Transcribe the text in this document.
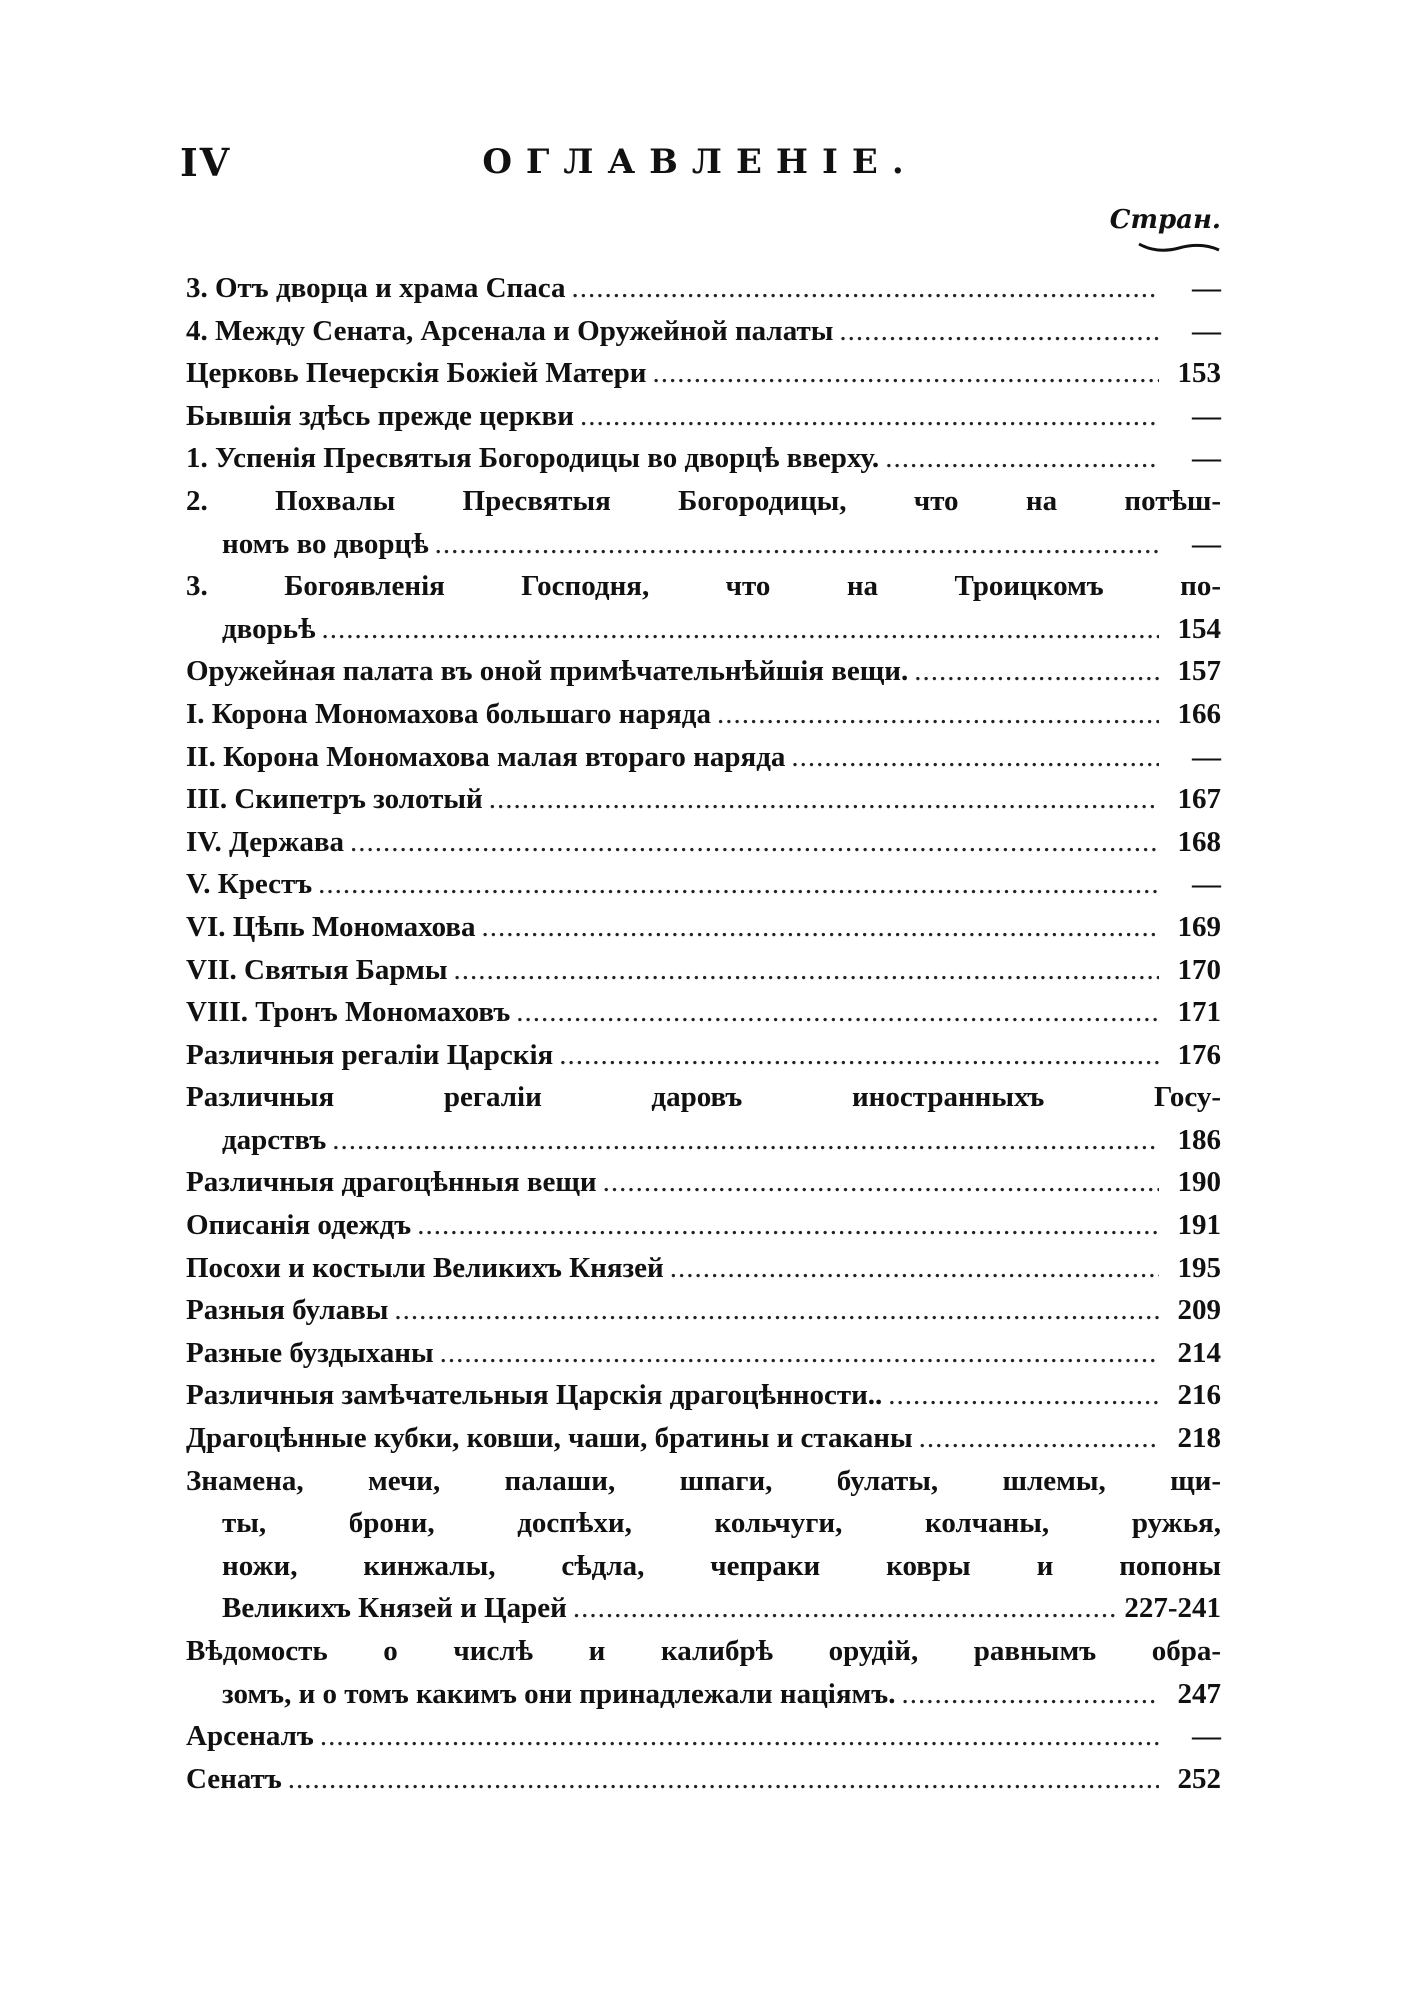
IV	ОГЛАВЛЕНІЕ.
Стран.
3. Отъ дворца и храма Спаса .....	—
4. Между Сената, Арсенала и Оружейной палаты .....	—
Церковь Печерскія Божіей Матери .....	153
Бывшія здѣсь прежде церкви .....	—
1. Успенія Пресвятыя Богородицы во дворцѣ вверху. .....	—
2. Похвалы Пресвятыя Богородицы, что на потѣш-
номъ во дворцѣ .....	—
3. Богоявленія Господня, что на Троицкомъ по-
дворьѣ .....	154
Оружейная палата въ оной примѣчательнѣйшія вещи. .....	157
I. Корона Мономахова большаго наряда .....	166
II. Корона Мономахова малая втораго наряда .....	—
III. Скипетръ золотый .....	167
IV. Держава .....	168
V. Крестъ .....	—
VI. Цѣпь Мономахова .....	169
VII. Святыя Бармы .....	170
VIII. Тронъ Мономаховъ .....	171
Различныя регаліи Царскія .....	176
Различныя регаліи даровъ иностранныхъ Госу-
дарствъ .....	186
Различныя драгоцѣнныя вещи .....	190
Описанія одеждъ .....	191
Посохи и костыли Великихъ Князей .....	195
Разныя булавы .....	209
Разные буздыханы .....	214
Различныя замѣчательныя Царскія драгоцѣнности.. .....	216
Драгоцѣнные кубки, ковши, чаши, братины и стаканы .....	218
Знамена, мечи, палаши, шпаги, булаты, шлемы, щи-
ты, брони, доспѣхи, кольчуги, колчаны, ружья,
ножи, кинжалы, сѣдла, чепраки ковры и попоны
Великихъ Князей и Царей .....	227-241
Вѣдомость о числѣ и калибрѣ орудій, равнымъ обра-
зомъ, и о томъ какимъ они принадлежали націямъ. .....	247
Арсеналъ .....	—
Сенатъ .....	252
